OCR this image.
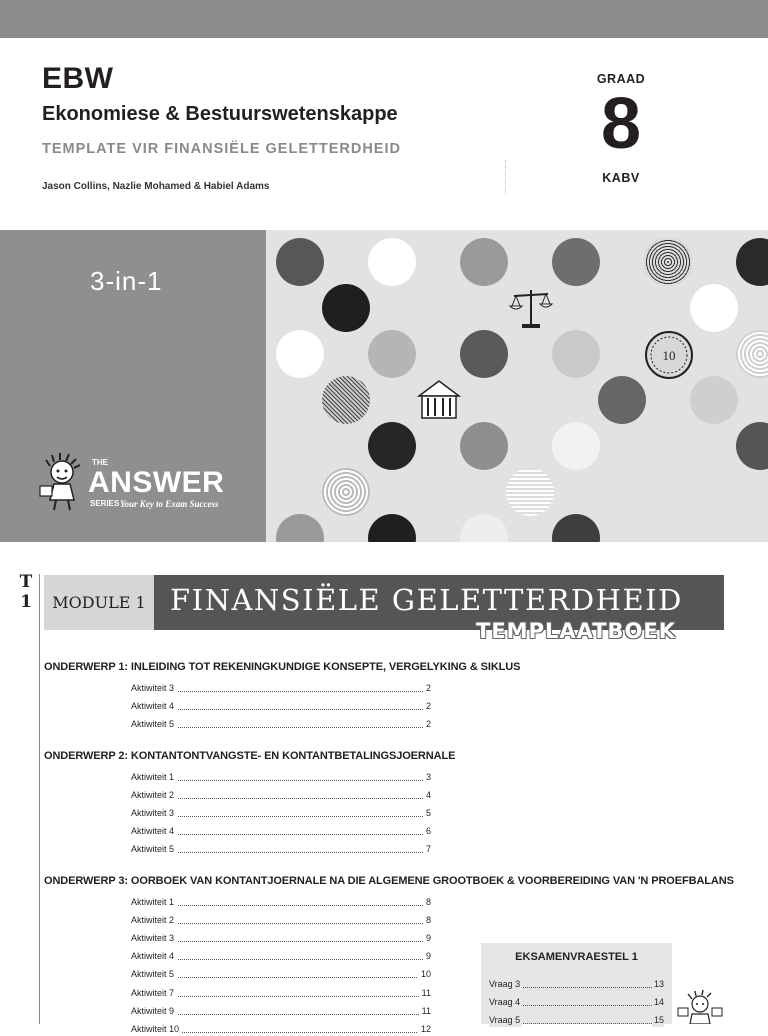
EBW
Ekonomiese & Bestuurswetenskappe
TEMPLATE VIR FINANSIËLE GELETTERDHEID
Jason Collins, Nazlie Mohamed & Habiel Adams
GRAAD
8
KABV
3-in-1
THE
ANSWER
SERIES Your Key to Exam Success
10
T
1	MODULE 1 FINANSIËLE GELETTERDHEID
TEMPLAATBOEK
ONDERWERP 1: INLEIDING TOT REKENINGKUNDIGE KONSEPTE, VERGELYKING & SIKLUS
Aktiwiteit 3	2
Aktiwiteit 4	2
Aktiwiteit 5	2
ONDERWERP 2: KONTANTONTVANGSTE- EN KONTANTBETALINGSJOERNALE
Aktiwiteit 1	3
Aktiwiteit 2	4
Aktiwiteit 3	5
Aktiwiteit 4	6
Aktiwiteit 5	7
ONDERWERP 3: OORBOEK VAN KONTANTJOERNALE NA DIE ALGEMENE GROOTBOEK & VOORBEREIDING VAN 'N PROEFBALANS
Aktiwiteit 1	8
Aktiwiteit 2	8
Aktiwiteit 3	9
Aktiwiteit 4	9
Aktiwiteit 5	10
Aktiwiteit 7	11
Aktiwiteit 9	11
Aktiwiteit 10	12
EKSAMENVRAESTEL 1
Vraag 3	13
Vraag 4	14
Vraag 5	15
